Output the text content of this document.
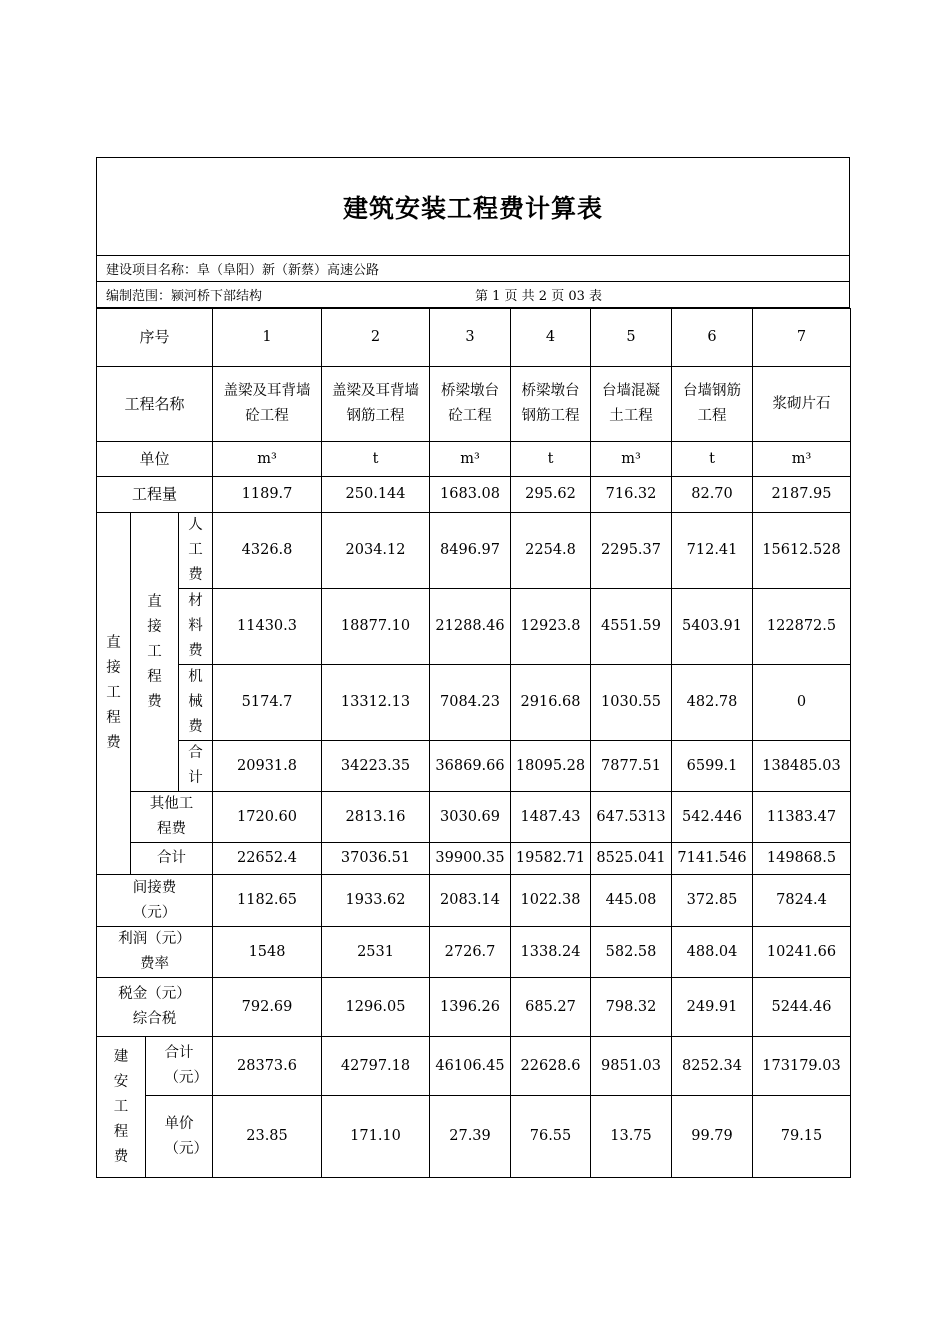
建筑安装工程费计算表
建设项目名称：阜（阜阳）新（新蔡）高速公路
编制范围：颍河桥下部结构	第 1 页 共 2 页 03 表
序号				1	2	3	4	5	6	7
工程名称				盖梁及耳背墙砼工程	盖梁及耳背墙钢筋工程	桥梁墩台砼工程	桥梁墩台钢筋工程	台墙混凝土工程	台墙钢筋工程	浆砌片石
单位				m³	t	m³	t	m³	t	m³
工程量				1189.7	250.144	1683.08	295.62	716.32	82.70	2187.95

直接工程费	直接工程费		人工费	4326.8	2034.12	8496.97	2254.8	2295.37	712.41	15612.528

			材料费	11430.3	18877.10	21288.46	12923.8	4551.59	5403.91	122872.5

			机械费	5174.7	13312.13	7084.23	2916.68	1030.55	482.78	0

			合计	20931.8	34223.35	36869.66	18095.28	7877.51	6599.1	138485.03

	其他工程费			1720.60	2813.16	3030.69	1487.43	647.5313	542.446	11383.47
	合计			22652.4	37036.51	39900.35	19582.71	8525.041	7141.546	149868.5

间接费（元）				1182.65	1933.62	2083.14	1022.38	445.08	372.85	7824.4

利润（元）费率				1548	2531	2726.7	1338.24	582.58	488.04	10241.66

税金（元）综合税				792.69	1296.05	1396.26	685.27	798.32	249.91	5244.46

建安工程费		合计（元）		28373.6	42797.18	46106.45	22628.6	9851.03	8252.34	173179.03

		单价（元）		23.85	171.10	27.39	76.55	13.75	99.79	79.15
